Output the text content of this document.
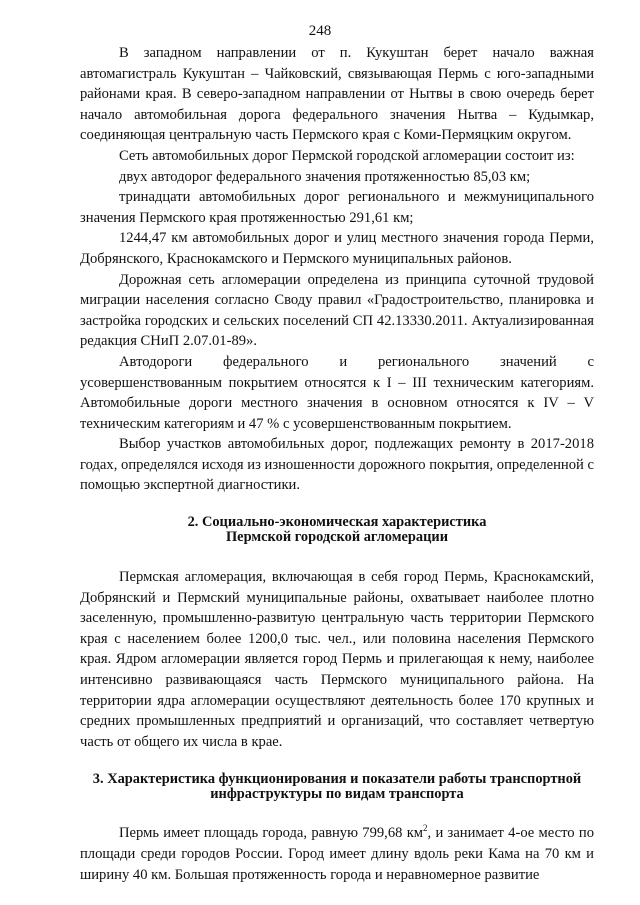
248

В западном направлении от п. Кукуштан берет начало важная автомагистраль Кукуштан – Чайковский, связывающая Пермь с юго-западными районами края. В северо-западном направлении от Нытвы в свою очередь берет начало автомобильная дорога федерального значения Нытва – Кудымкар, соединяющая центральную часть Пермского края с Коми-Пермяцким округом.

Сеть автомобильных дорог Пермской городской агломерации состоит из:

двух автодорог федерального значения протяженностью 85,03 км;

тринадцати автомобильных дорог регионального и межмуниципального значения Пермского края протяженностью 291,61 км;

1244,47 км автомобильных дорог и улиц местного значения города Перми, Добрянского, Краснокамского и Пермского муниципальных районов.

Дорожная сеть агломерации определена из принципа суточной трудовой миграции населения согласно Своду правил «Градостроительство, планировка и застройка городских и сельских поселений СП 42.13330.2011. Актуализированная редакция СНиП 2.07.01-89».

Автодороги федерального и регионального значений с усовершенствованным покрытием относятся к I – III техническим категориям. Автомобильные дороги местного значения в основном относятся к IV – V техническим категориям и 47 % с усовершенствованным покрытием.

Выбор участков автомобильных дорог, подлежащих ремонту в 2017-2018 годах, определялся исходя из изношенности дорожного покрытия, определенной с помощью экспертной диагностики.

2. Социально-экономическая характеристика
Пермской городской агломерации

Пермская агломерация, включающая в себя город Пермь, Краснокамский, Добрянский и Пермский муниципальные районы, охватывает наиболее плотно заселенную, промышленно-развитую центральную часть территории Пермского края с населением более 1200,0 тыс. чел., или половина населения Пермского края. Ядром агломерации является город Пермь и прилегающая к нему, наиболее интенсивно развивающаяся часть Пермского муниципального района. На территории ядра агломерации осуществляют деятельность более 170 крупных и средних промышленных предприятий и организаций, что составляет четвертую часть от общего их числа в крае.

3. Характеристика функционирования и показатели работы транспортной
инфраструктуры по видам транспорта

Пермь имеет площадь города, равную 799,68 $км^2$, и занимает 4-ое место по площади среди городов России. Город имеет длину вдоль реки Кама на 70 км и ширину 40 км. Большая протяженность города и неравномерное развитие
